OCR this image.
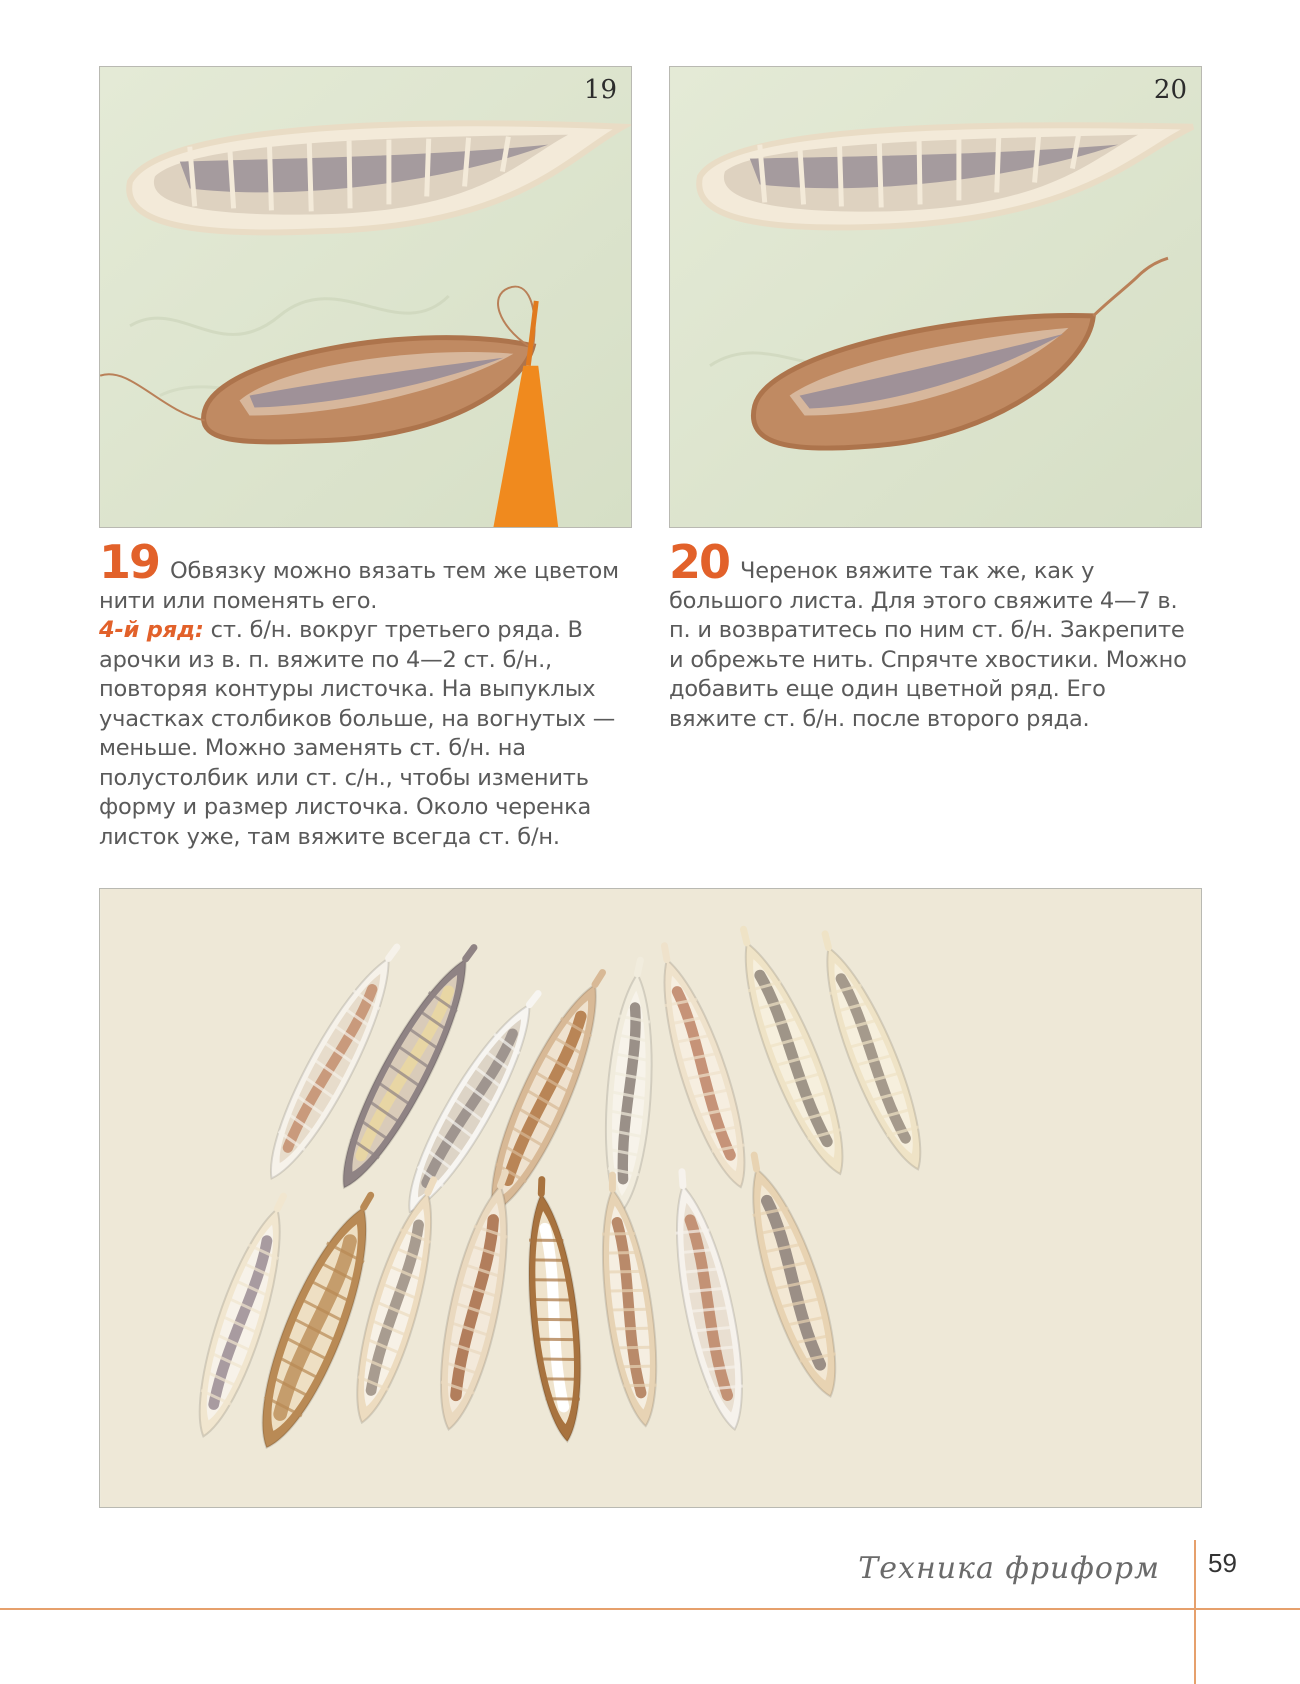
19	20
19 Обвязку можно вязать тем же цветом нити или поменять его.
4-й ряд: ст. б/н. вокруг третьего ряда. В арочки из в. п. вяжите по 4—2 ст. б/н., повторяя контуры листочка. На выпуклых участках столбиков больше, на вогнутых — меньше. Можно заменять ст. б/н. на полустолбик или ст. с/н., чтобы изменить форму и размер листочка. Около черенка листок уже, там вяжите всегда ст. б/н.
20 Черенок вяжите так же, как у большого листа. Для этого свяжите 4—7 в. п. и возвратитесь по ним ст. б/н. Закрепите и обрежьте нить. Спрячте хвостики. Можно добавить еще один цветной ряд. Его вяжите ст. б/н. после второго ряда.
Техника фриформ 59
